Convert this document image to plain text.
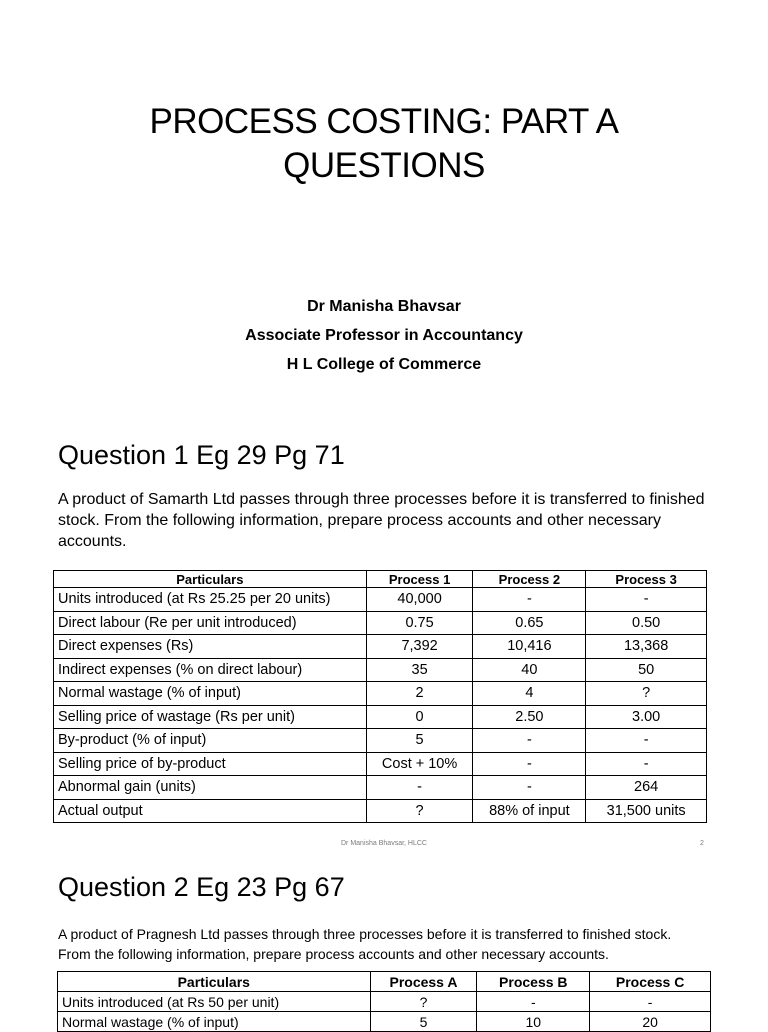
PROCESS COSTING: PART A
QUESTIONS
Dr Manisha Bhavsar
Associate Professor in Accountancy
H L College of Commerce
Question 1 Eg 29 Pg 71
A product of Samarth Ltd passes through three processes before it is transferred to finished stock. From the following information, prepare process accounts and other necessary accounts.
Particulars	Process 1	Process 2	Process 3
Units introduced (at Rs 25.25 per 20 units)	40,000	-	-
Direct labour (Re per unit introduced)	0.75	0.65	0.50
Direct expenses (Rs)	7,392	10,416	13,368
Indirect expenses (% on direct labour)	35	40	50
Normal wastage (% of input)	2	4	?
Selling price of wastage (Rs per unit)	0	2.50	3.00
By-product (% of input)	5	-	-
Selling price of by-product	Cost + 10%	-	-
Abnormal gain (units)	-	-	264
Actual output	?	88% of input	31,500 units
Dr Manisha Bhavsar, HLCC	2
Question 2 Eg 23 Pg 67
A product of Pragnesh Ltd passes through three processes before it is transferred to finished stock.
From the following information, prepare process accounts and other necessary accounts.
Particulars	Process A	Process B	Process C
Units introduced (at Rs 50 per unit)	?	-	-
Normal wastage (% of input)	5	10	20
